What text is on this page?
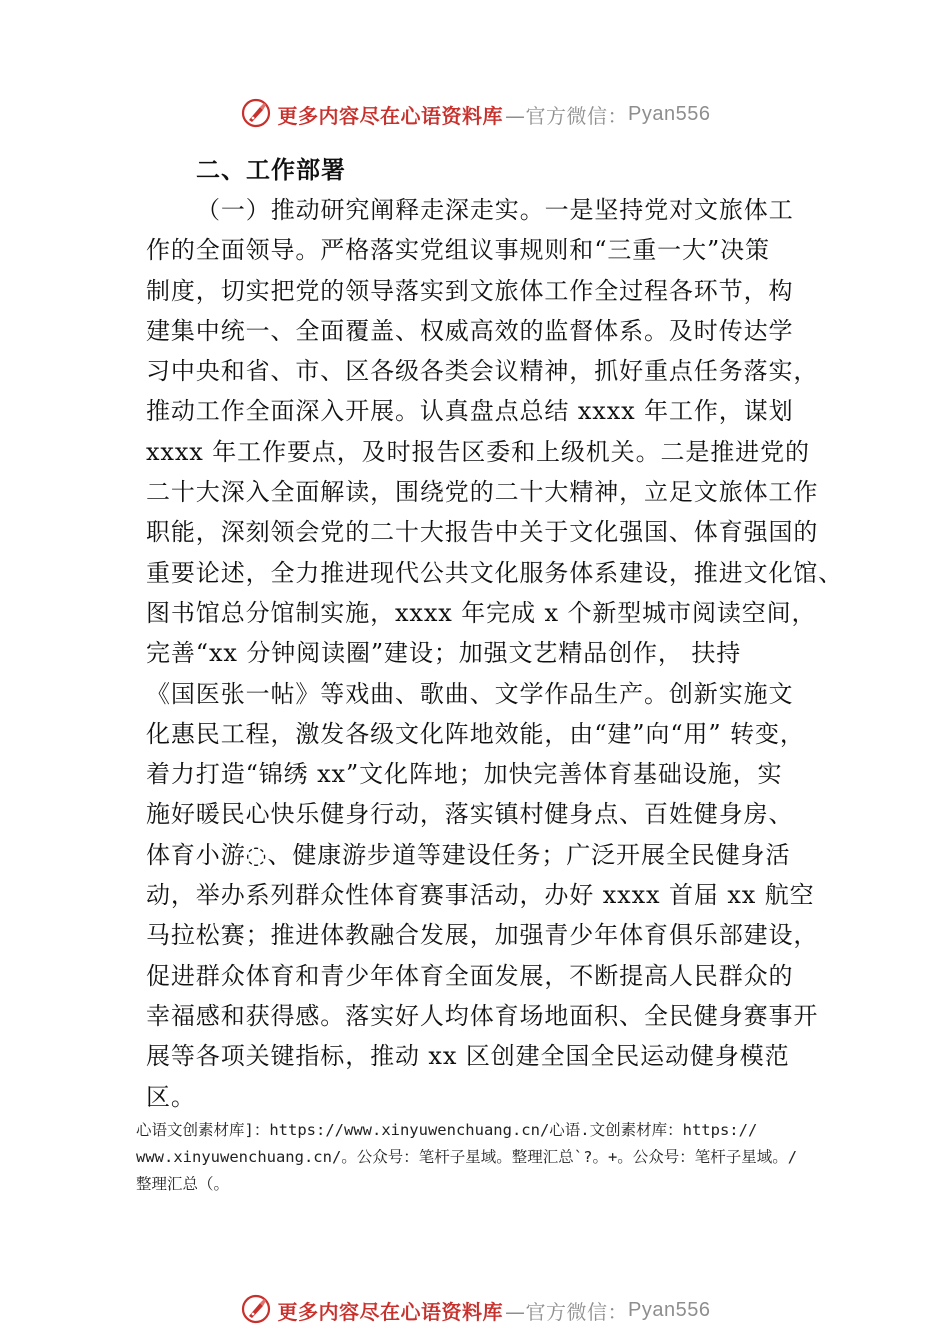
更多内容尽在心语资料库 —官方微信： Pyan556
二、工作部署
（一）推动研究阐释走深走实。一是坚持党对文旅体工
作的全面领导。严格落实党组议事规则和“三重一大”决策
制度，切实把党的领导落实到文旅体工作全过程各环节，构
建集中统一、全面覆盖、权威高效的监督体系。及时传达学
习中央和省、市、区各级各类会议精神，抓好重点任务落实，
推动工作全面深入开展。认真盘点总结 xxxx 年工作，谋划
xxxx 年工作要点，及时报告区委和上级机关。二是推进党的
二十大深入全面解读，围绕党的二十大精神，立足文旅体工作
职能，深刻领会党的二十大报告中关于文化强国、体育强国的
重要论述，全力推进现代公共文化服务体系建设，推进文化馆、
图书馆总分馆制实施，xxxx 年完成 x 个新型城市阅读空间，
完善“xx 分钟阅读圈”建设；加强文艺精品创作， 扶持
《国医张一帖》等戏曲、歌曲、文学作品生产。创新实施文
化惠民工程，激发各级文化阵地效能，由“建”向“用” 转变，
着力打造“锦绣 xx”文化阵地；加快完善体育基础设施，实
施好暖民心快乐健身行动，落实镇村健身点、百姓健身房、
体育小游◌、健康游步道等建设任务；广泛开展全民健身活
动，举办系列群众性体育赛事活动，办好 xxxx 首届 xx 航空
马拉松赛；推进体教融合发展，加强青少年体育俱乐部建设，
促进群众体育和青少年体育全面发展，不断提高人民群众的
幸福感和获得感。落实好人均体育场地面积、全民健身赛事开
展等各项关键指标，推动 xx 区创建全国全民运动健身模范
区。
心语文创素材库]：https://www.xinyuwenchuang.cn/心语.文创素材库：https://
www.xinyuwenchuang.cn/。公众号：笔杆子星域。整理汇总`?。+。公众号：笔杆子星域。/
整理汇总（。
更多内容尽在心语资料库 —官方微信： Pyan556
